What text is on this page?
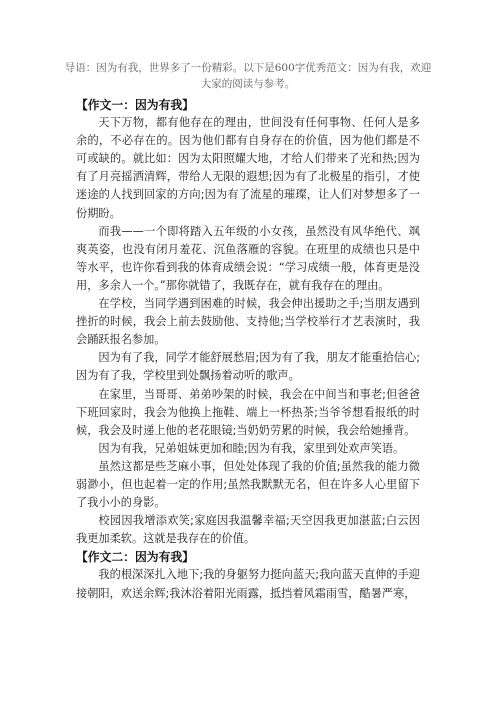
导语：因为有我，世界多了一份精彩。以下是600字优秀范文：因为有我，欢迎大家的阅读与参考。

【作文一：因为有我】

天下万物，都有他存在的理由，世间没有任何事物、任何人是多余的，不必存在的。因为他们都有自身存在的价值，因为他们都是不可或缺的。就比如：因为太阳照耀大地，才给人们带来了光和热;因为有了月亮摇洒清辉，带给人无限的遐想;因为有了北极星的指引，才使迷途的人找到回家的方向;因为有了流星的璀璨，让人们对梦想多了一份期盼。

而我——一个即将踏入五年级的小女孩，虽然没有风华绝代、飒爽英姿，也没有闭月羞花、沉鱼落雁的容貌。在班里的成绩也只是中等水平，也许你看到我的体育成绩会说：“学习成绩一般，体育更是没用，多余人一个。”那你就错了，我既存在，就有我存在的理由。

在学校，当同学遇到困难的时候，我会伸出援助之手;当朋友遇到挫折的时候，我会上前去鼓励他、支持他;当学校举行才艺表演时，我会踊跃报名参加。

因为有了我，同学才能舒展愁眉;因为有了我，朋友才能重拾信心;因为有了我，学校里到处飘扬着动听的歌声。

在家里，当哥哥、弟弟吵架的时候，我会在中间当和事老;但爸爸下班回家时，我会为他换上拖鞋、端上一杯热茶;当爷爷想看报纸的时候，我会及时递上他的老花眼镜;当奶奶劳累的时候，我会给她捶背。

因为有我，兄弟姐妹更加和睦;因为有我，家里到处欢声笑语。

虽然这都是些芝麻小事，但处处体现了我的价值;虽然我的能力微弱渺小，但也起着一定的作用;虽然我默默无名，但在许多人心里留下了我小小的身影。

校园因我增添欢笑;家庭因我温馨幸福;天空因我更加湛蓝;白云因我更加柔软。这就是我存在的价值。

【作文二：因为有我】

我的根深深扎入地下;我的身躯努力挺向蓝天;我向蓝天直伸的手迎接朝阳，欢送余辉;我沐浴着阳光雨露，抵挡着风霜雨雪，酷暑严寒，
